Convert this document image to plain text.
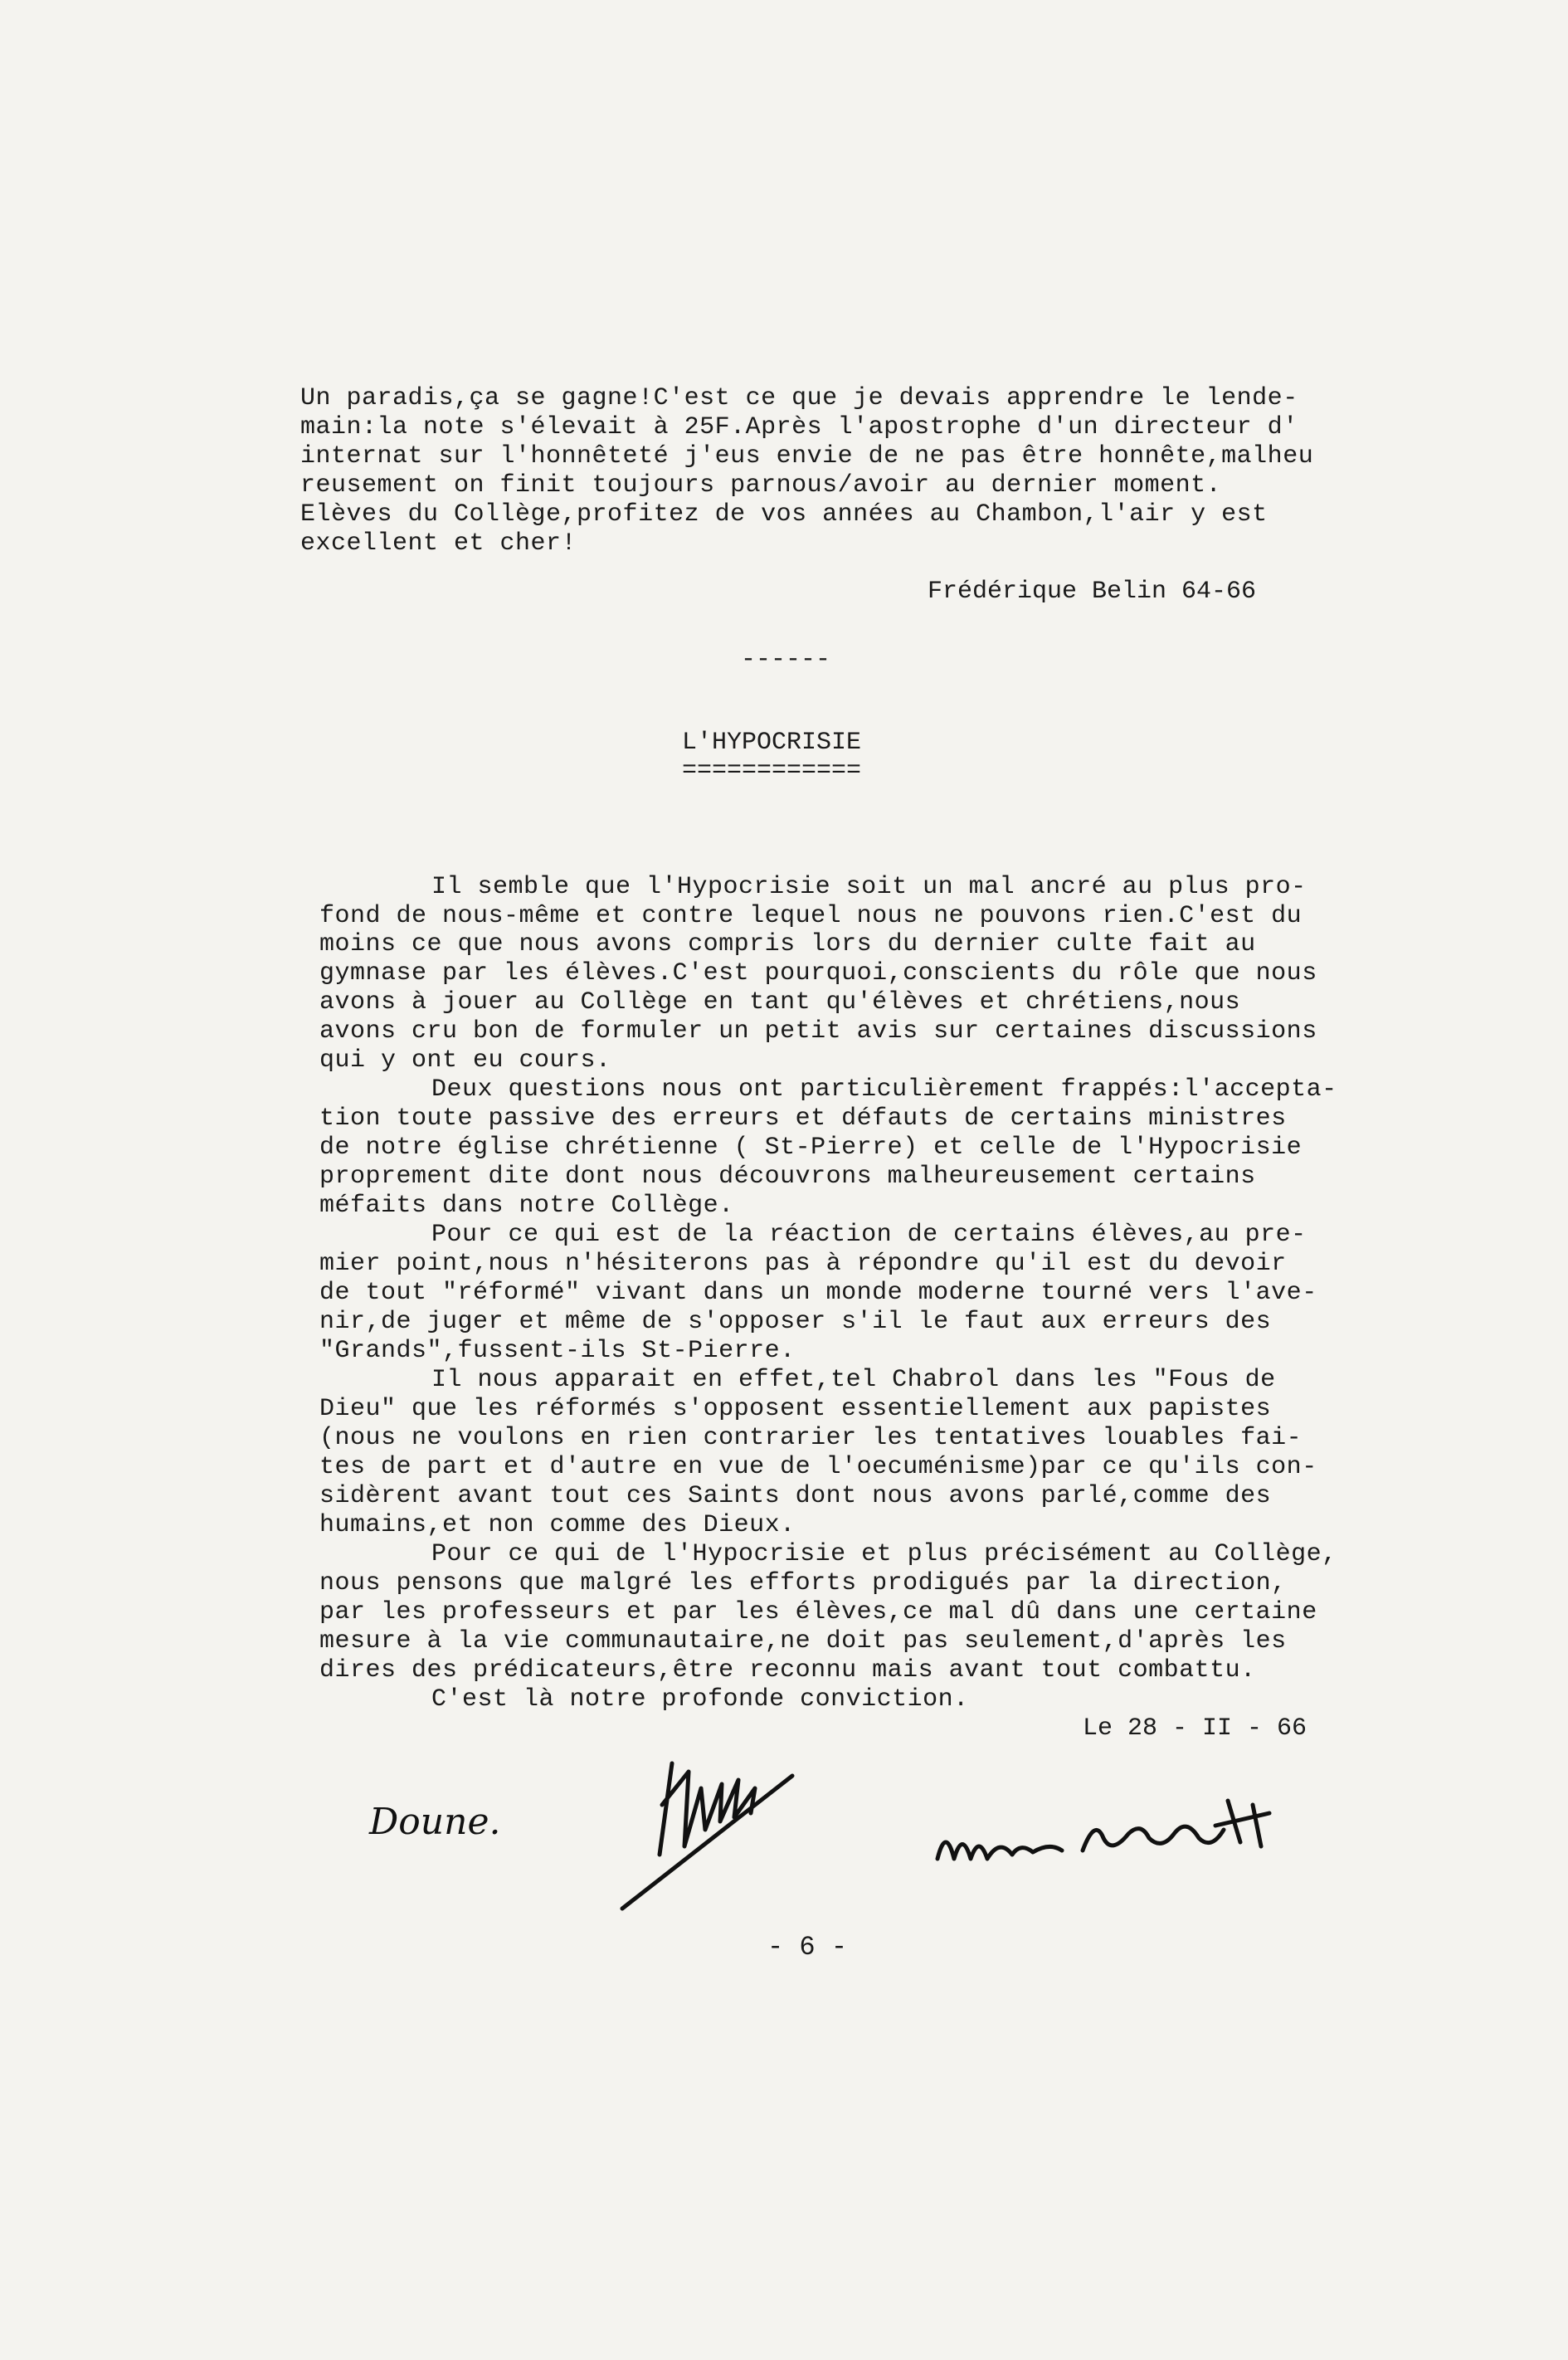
Un paradis,ça se gagne!C'est ce que je devais apprendre le lende-
main:la note s'élevait à 25F.Après l'apostrophe d'un directeur d'
internat sur l'honnêteté j'eus envie de ne pas être honnête,malheu
reusement on finit toujours parnous/avoir au dernier moment.
Elèves du Collège,profitez de vos années au Chambon,l'air y est
excellent et cher!
Frédérique Belin 64-66
------
L'HYPOCRISIE
============
Il semble que l'Hypocrisie soit un mal ancré au plus pro-
fond de nous-même et contre lequel nous ne pouvons rien.C'est du
moins ce que nous avons compris lors du dernier culte fait au
gymnase par les élèves.C'est pourquoi,conscients du rôle que nous
avons à jouer au Collège en tant qu'élèves et chrétiens,nous
avons cru bon de formuler un petit avis sur certaines discussions
qui y ont eu cours.
Deux questions nous ont particulièrement frappés:l'accepta-
tion toute passive des erreurs et défauts de certains ministres
de notre église chrétienne ( St-Pierre) et celle de l'Hypocrisie
proprement dite dont nous découvrons malheureusement certains
méfaits dans notre Collège.
Pour ce qui est de la réaction de certains élèves,au pre-
mier point,nous n'hésiterons pas à répondre qu'il est du devoir
de tout "réformé" vivant dans un monde moderne tourné vers l'ave-
nir,de juger et même de s'opposer s'il le faut aux erreurs des
"Grands",fussent-ils St-Pierre.
Il nous apparait en effet,tel Chabrol dans les "Fous de
Dieu" que les réformés s'opposent essentiellement aux papistes
(nous ne voulons en rien contrarier les tentatives louables fai-
tes de part et d'autre en vue de l'oecuménisme)par ce qu'ils con-
sidèrent avant tout ces Saints dont nous avons parlé,comme des
humains,et non comme des Dieux.
Pour ce qui de l'Hypocrisie et plus précisément au Collège,
nous pensons que malgré les efforts prodigués par la direction,
par les professeurs et par les élèves,ce mal dû dans une certaine
mesure à la vie communautaire,ne doit pas seulement,d'après les
dires des prédicateurs,être reconnu mais avant tout combattu.
C'est là notre profonde conviction.
Le 28 - II - 66
Doune.
- 6 -
